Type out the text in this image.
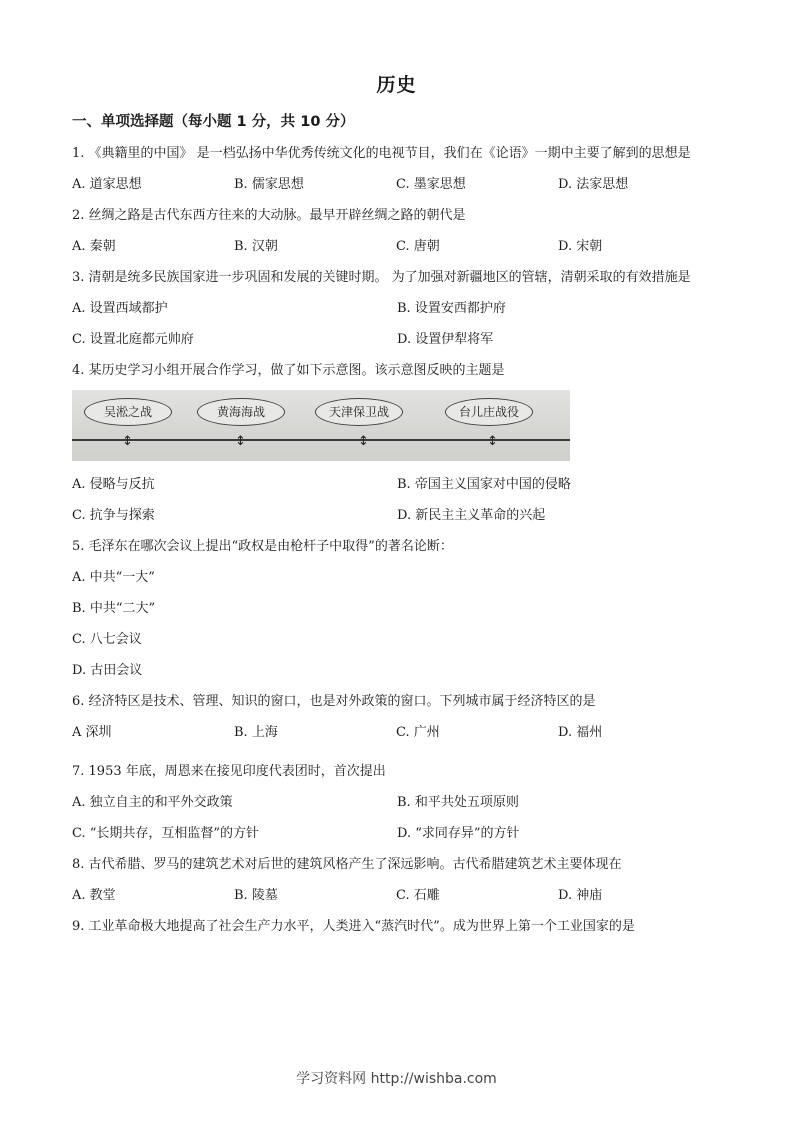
历史
一、单项选择题（每小题 1 分，共 10 分）

1. 《典籍里的中国》 是一档弘扬中华优秀传统文化的电视节目，我们在《论语》一期中主要了解到的思想是

A. 道家思想	B. 儒家思想	C. 墨家思想	D. 法家思想

2. 丝绸之路是古代东西方往来的大动脉。最早开辟丝绸之路的朝代是

A. 秦朝	B. 汉朝	C. 唐朝	D. 宋朝

3. 清朝是统多民族国家进一步巩固和发展的关键时期。 为了加强对新疆地区的管辖，清朝采取的有效措施是

A. 设置西域都护	B. 设置安西都护府
C. 设置北庭都元帅府	D. 设置伊犁将军

4. 某历史学习小组开展合作学习，做了如下示意图。该示意图反映的主题是

吴淞之战	黄海海战	天津保卫战	台儿庄战役
↕	↕	↕	↕
A. 侵略与反抗	B. 帝国主义国家对中国的侵略
C. 抗争与探索	D. 新民主主义革命的兴起

5. 毛泽东在哪次会议上提出“政权是由枪杆子中取得”的著名论断：

A. 中共“一大”
B. 中共“二大”
C. 八七会议
D. 古田会议

6. 经济特区是技术、管理、知识的窗口，也是对外政策的窗口。下列城市属于经济特区的是

A 深圳	B. 上海	C. 广州	D. 福州

7. 1953 年底，周恩来在接见印度代表团时，首次提出

A. 独立自主的和平外交政策	B. 和平共处五项原则
C. “长期共存，互相监督”的方针	D. “求同存异”的方针

8. 古代希腊、罗马的建筑艺术对后世的建筑风格产生了深远影响。古代希腊建筑艺术主要体现在

A. 教堂	B. 陵墓	C. 石雕	D. 神庙

9. 工业革命极大地提高了社会生产力水平，人类进入“蒸汽时代”。成为世界上第一个工业国家的是

学习资料网 http://wishba.com
